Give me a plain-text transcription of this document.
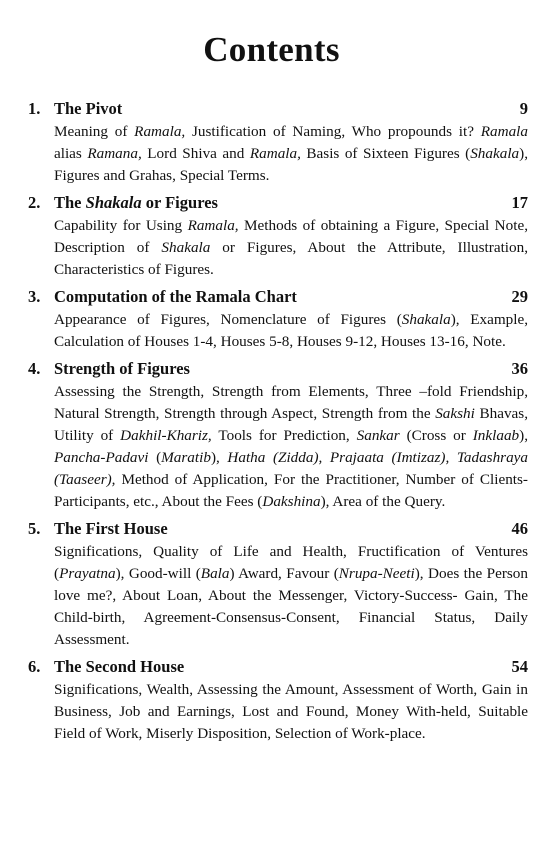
Contents
1. The Pivot	9

Meaning of Ramala, Justification of Naming, Who propounds it? Ramala alias Ramana, Lord Shiva and Ramala, Basis of Sixteen Figures (Shakala), Figures and Grahas, Special Terms.

2. The Shakala or Figures	17

Capability for Using Ramala, Methods of obtaining a Figure, Special Note, Description of Shakala or Figures, About the Attribute, Illustration, Characteristics of Figures.

3. Computation of the Ramala Chart	29

Appearance of Figures, Nomenclature of Figures (Shakala), Example, Calculation of Houses 1-4, Houses 5-8, Houses 9-12, Houses 13-16, Note.

4. Strength of Figures	36

Assessing the Strength, Strength from Elements, Three –fold Friendship, Natural Strength, Strength through Aspect, Strength from the Sakshi Bhavas, Utility of Dakhil-Khariz, Tools for Prediction, Sankar (Cross or Inklaab), Pancha-Padavi (Maratib), Hatha (Zidda), Prajaata (Imtizaz), Tadashraya (Taaseer), Method of Application, For the Practitioner, Number of Clients- Participants, etc., About the Fees (Dakshina), Area of the Query.

5. The First House	46

Significations, Quality of Life and Health, Fructification of Ventures (Prayatna), Good-will (Bala) Award, Favour (Nrupa-Neeti), Does the Person love me?, About Loan, About the Messenger, Victory-Success- Gain, The Child-birth, Agreement-Consensus-Consent, Financial Status, Daily Assessment.

6. The Second House	54

Significations, Wealth, Assessing the Amount, Assessment of Worth, Gain in Business, Job and Earnings, Lost and Found, Money With-held, Suitable Field of Work, Miserly Disposition, Selection of Work-place.
